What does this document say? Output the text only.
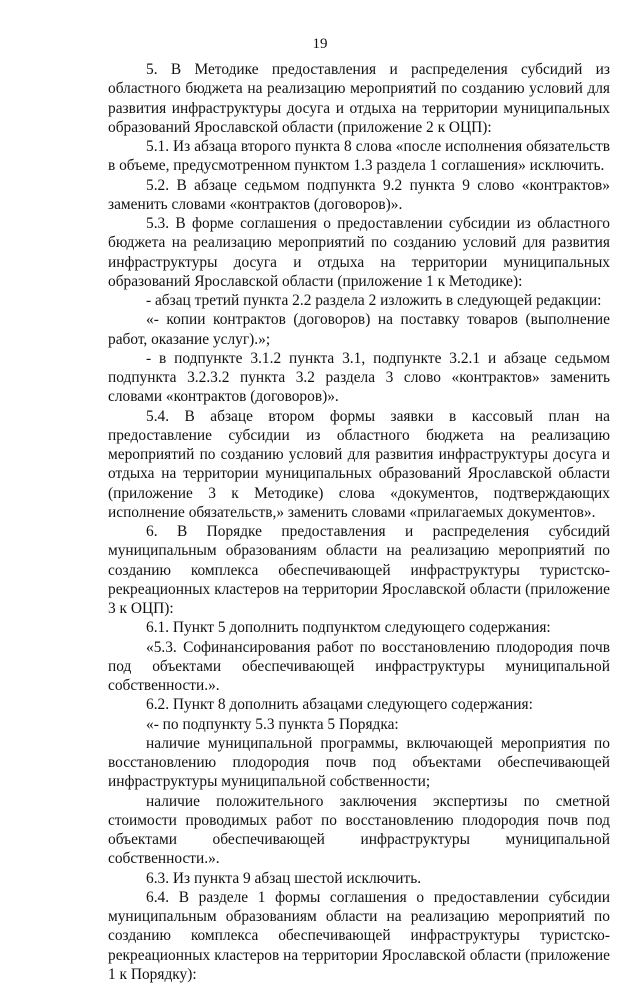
19

5. В Методике предоставления и распределения субсидий из областного бюджета на реализацию мероприятий по созданию условий для развития инфраструктуры досуга и отдыха на территории муниципальных образований Ярославской области (приложение 2 к ОЦП):

5.1. Из абзаца второго пункта 8 слова «после исполнения обязательств в объеме, предусмотренном пунктом 1.3 раздела 1 соглашения» исключить.

5.2. В абзаце седьмом подпункта 9.2 пункта 9 слово «контрактов» заменить словами «контрактов (договоров)».

5.3. В форме соглашения о предоставлении субсидии из областного бюджета на реализацию мероприятий по созданию условий для развития инфраструктуры досуга и отдыха на территории муниципальных образований Ярославской области (приложение 1 к Методике):

- абзац третий пункта 2.2 раздела 2 изложить в следующей редакции:

«- копии контрактов (договоров) на поставку товаров (выполнение работ, оказание услуг).»;

- в подпункте 3.1.2 пункта 3.1, подпункте 3.2.1 и абзаце седьмом подпункта 3.2.3.2 пункта 3.2 раздела 3 слово «контрактов» заменить словами «контрактов (договоров)».

5.4. В абзаце втором формы заявки в кассовый план на предоставление субсидии из областного бюджета на реализацию мероприятий по созданию условий для развития инфраструктуры досуга и отдыха на территории муниципальных образований Ярославской области (приложение 3 к Методике) слова «документов, подтверждающих исполнение обязательств,» заменить словами «прилагаемых документов».

6. В Порядке предоставления и распределения субсидий муниципальным образованиям области на реализацию мероприятий по созданию комплекса обеспечивающей инфраструктуры туристско-рекреационных кластеров на территории Ярославской области (приложение 3 к ОЦП):

6.1. Пункт 5 дополнить подпунктом следующего содержания:

«5.3. Софинансирования работ по восстановлению плодородия почв под объектами обеспечивающей инфраструктуры муниципальной собственности.».

6.2. Пункт 8 дополнить абзацами следующего содержания:

«- по подпункту 5.3 пункта 5 Порядка:

наличие муниципальной программы, включающей мероприятия по восстановлению плодородия почв под объектами обеспечивающей инфраструктуры муниципальной собственности;

наличие положительного заключения экспертизы по сметной стоимости проводимых работ по восстановлению плодородия почв под объектами обеспечивающей инфраструктуры муниципальной собственности.».

6.3. Из пункта 9 абзац шестой исключить.

6.4. В разделе 1 формы соглашения о предоставлении субсидии муниципальным образованиям области на реализацию мероприятий по созданию комплекса обеспечивающей инфраструктуры туристско-рекреационных кластеров на территории Ярославской области (приложение 1 к Порядку):
